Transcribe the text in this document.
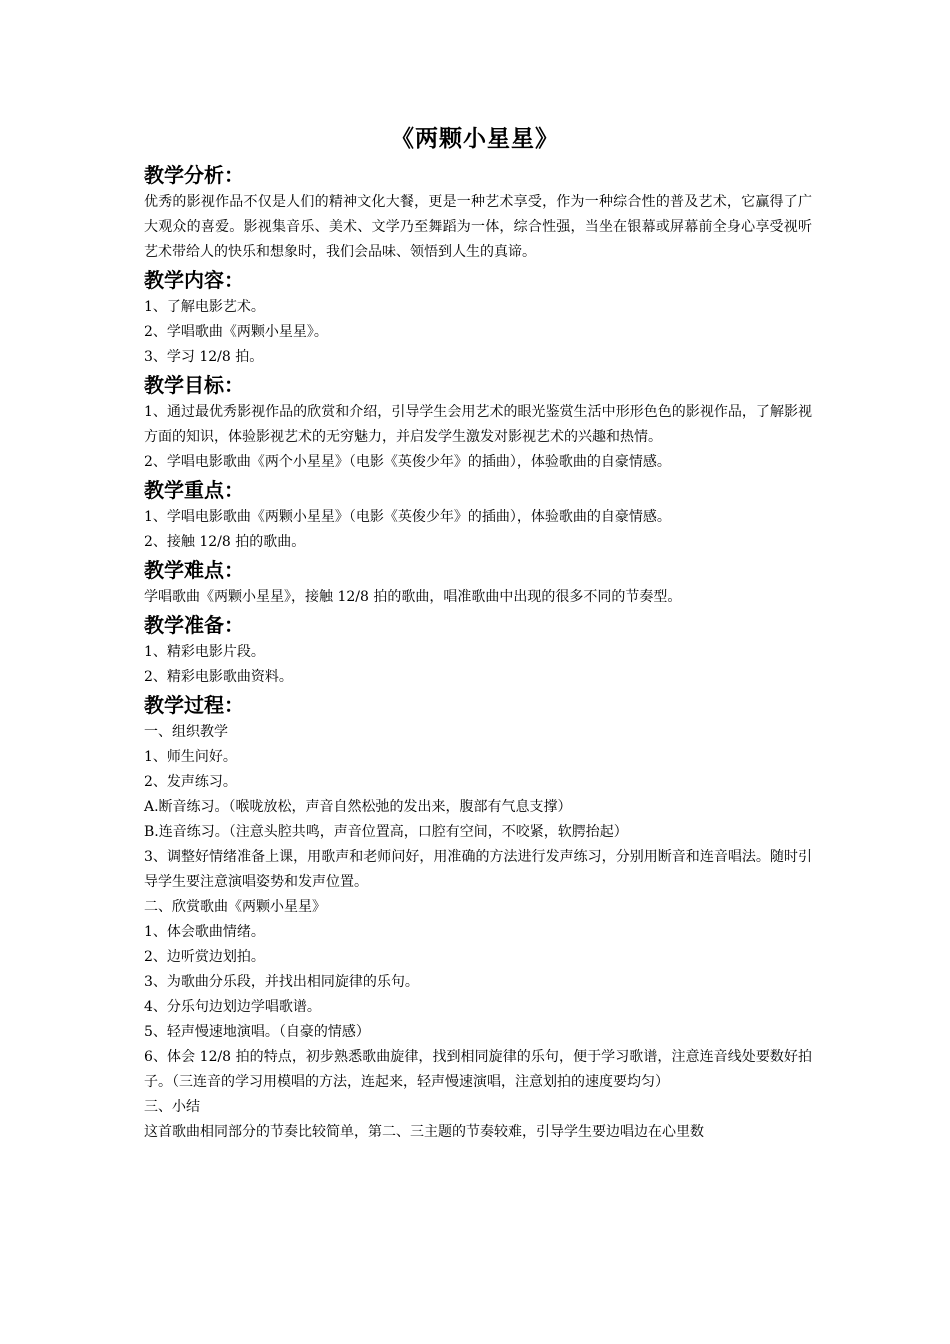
《两颗小星星》
教学分析：

优秀的影视作品不仅是人们的精神文化大餐，更是一种艺术享受，作为一种综合性的普及艺术，它赢得了广大观众的喜爱。影视集音乐、美术、文学乃至舞蹈为一体，综合性强，当坐在银幕或屏幕前全身心享受视听艺术带给人的快乐和想象时，我们会品味、领悟到人生的真谛。

教学内容：

1、了解电影艺术。

2、学唱歌曲《两颗小星星》。

3、学习 12/8 拍。

教学目标：

1、通过最优秀影视作品的欣赏和介绍，引导学生会用艺术的眼光鉴赏生活中形形色色的影视作品，了解影视方面的知识，体验影视艺术的无穷魅力，并启发学生激发对影视艺术的兴趣和热情。

2、学唱电影歌曲《两个小星星》（电影《英俊少年》的插曲），体验歌曲的自豪情感。

教学重点：

1、学唱电影歌曲《两颗小星星》（电影《英俊少年》的插曲），体验歌曲的自豪情感。

2、接触 12/8 拍的歌曲。

教学难点：

学唱歌曲《两颗小星星》，接触 12/8 拍的歌曲，唱准歌曲中出现的很多不同的节奏型。

教学准备：

1、精彩电影片段。

2、精彩电影歌曲资料。

教学过程：

一、组织教学

1、师生问好。

2、发声练习。

A.断音练习。（喉咙放松，声音自然松弛的发出来，腹部有气息支撑）

B.连音练习。（注意头腔共鸣，声音位置高，口腔有空间，不咬紧，软腭抬起）

3、调整好情绪准备上课，用歌声和老师问好，用准确的方法进行发声练习，分别用断音和连音唱法。随时引导学生要注意演唱姿势和发声位置。

二、欣赏歌曲《两颗小星星》

1、体会歌曲情绪。

2、边听赏边划拍。

3、为歌曲分乐段，并找出相同旋律的乐句。

4、分乐句边划边学唱歌谱。

5、轻声慢速地演唱。（自豪的情感）

6、体会 12/8 拍的特点，初步熟悉歌曲旋律，找到相同旋律的乐句，便于学习歌谱，注意连音线处要数好拍子。（三连音的学习用模唱的方法，连起来，轻声慢速演唱，注意划拍的速度要均匀）

三、小结

这首歌曲相同部分的节奏比较简单，第二、三主题的节奏较难，引导学生要边唱边在心里数
